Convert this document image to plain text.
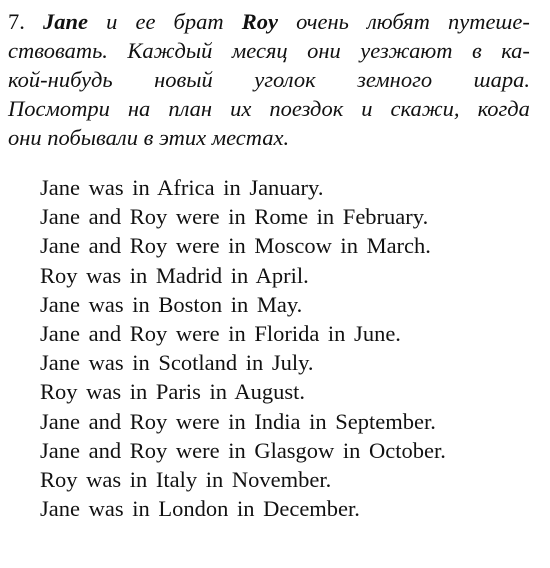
7. Jane и ее брат Roy очень любят путеше-
ствовать. Каждый месяц они уезжают в ка-
кой-нибудь новый уголок земного шара.
Посмотри на план их поездок и скажи, когда
они побывали в этих местах.
Jane was in Africa in January.
Jane and Roy were in Rome in February.
Jane and Roy were in Moscow in March.
Roy was in Madrid in April.
Jane was in Boston in May.
Jane and Roy were in Florida in June.
Jane was in Scotland in July.
Roy was in Paris in August.
Jane and Roy were in India in September.
Jane and Roy were in Glasgow in October.
Roy was in Italy in November.
Jane was in London in December.
